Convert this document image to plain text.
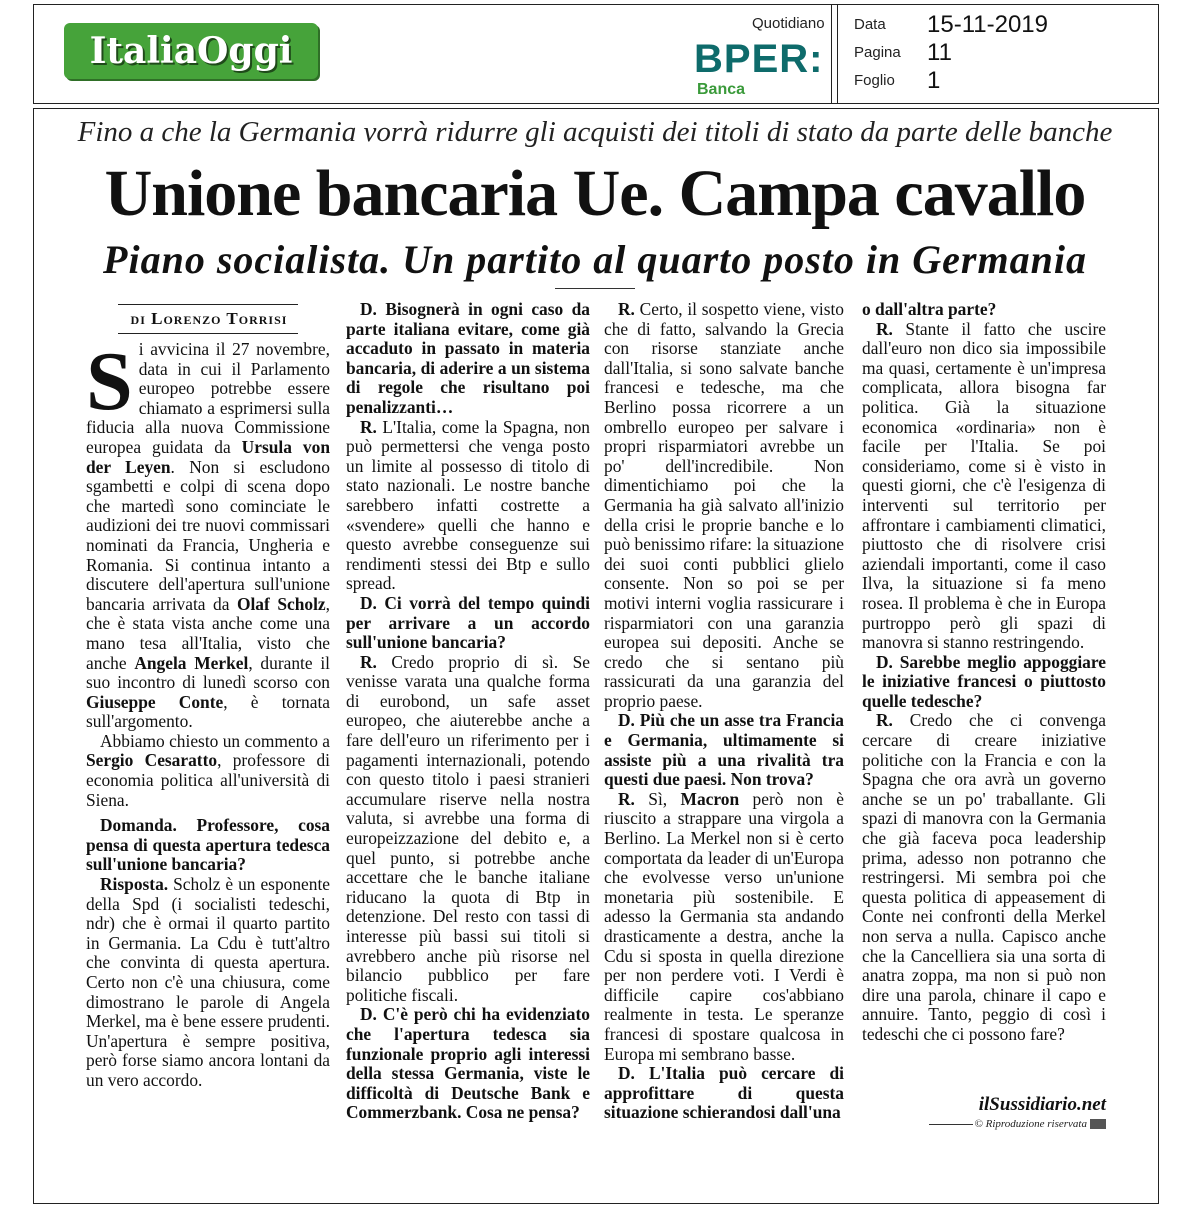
ItaliaOggi
Quotidiano
BPER:
Banca
Data 15-11-2019
Pagina 11
Foglio 1
Fino a che la Germania vorrà ridurre gli acquisti dei titoli di stato da parte delle banche
Unione bancaria Ue. Campa cavallo
Piano socialista. Un partito al quarto posto in Germania
di Lorenzo Torrisi

Si avvicina il 27 novembre, data in cui il Parlamento europeo potrebbe essere chiamato a esprimersi sulla fiducia alla nuova Commissione europea guidata da Ursula von der Leyen. Non si escludono sgambetti e colpi di scena dopo che martedì sono cominciate le audizioni dei tre nuovi commissari nominati da Francia, Ungheria e Romania. Si continua intanto a discutere dell'apertura sull'unione bancaria arrivata da Olaf Scholz, che è stata vista anche come una mano tesa all'Italia, visto che anche Angela Merkel, durante il suo incontro di lunedì scorso con Giuseppe Conte, è tornata sull'argomento.

Abbiamo chiesto un commento a Sergio Cesaratto, professore di economia politica all'università di Siena.

Domanda. Professore, cosa pensa di questa apertura tedesca sull'unione bancaria?

Risposta. Scholz è un esponente della Spd (i socialisti tedeschi, ndr) che è ormai il quarto partito in Germania. La Cdu è tutt'altro che convinta di questa apertura. Certo non c'è una chiusura, come dimostrano le parole di Angela Merkel, ma è bene essere prudenti. Un'apertura è sempre positiva, però forse siamo ancora lontani da un vero accordo.

D. Bisognerà in ogni caso da parte italiana evitare, come già accaduto in passato in materia bancaria, di aderire a un sistema di regole che risultano poi penalizzanti…

R. L'Italia, come la Spagna, non può permettersi che venga posto un limite al possesso di titolo di stato nazionali. Le nostre banche sarebbero infatti costrette a «svendere» quelli che hanno e questo avrebbe conseguenze sui rendimenti stessi dei Btp e sullo spread.

D. Ci vorrà del tempo quindi per arrivare a un accordo sull'unione bancaria?

R. Credo proprio di sì. Se venisse varata una qualche forma di eurobond, un safe asset europeo, che aiuterebbe anche a fare dell'euro un riferimento per i pagamenti internazionali, potendo con questo titolo i paesi stranieri accumulare riserve nella nostra valuta, si avrebbe una forma di europeizzazione del debito e, a quel punto, si potrebbe anche accettare che le banche italiane riducano la quota di Btp in detenzione. Del resto con tassi di interesse più bassi sui titoli si avrebbero anche più risorse nel bilancio pubblico per fare politiche fiscali.

D. C'è però chi ha evidenziato che l'apertura tedesca sia funzionale proprio agli interessi della stessa Germania, viste le difficoltà di Deutsche Bank e Commerzbank. Cosa ne pensa?

R. Certo, il sospetto viene, visto che di fatto, salvando la Grecia con risorse stanziate anche dall'Italia, si sono salvate banche francesi e tedesche, ma che Berlino possa ricorrere a un ombrello europeo per salvare i propri risparmiatori avrebbe un po' dell'incredibile. Non dimentichiamo poi che la Germania ha già salvato all'inizio della crisi le proprie banche e lo può benissimo rifare: la situazione dei suoi conti pubblici glielo consente. Non so poi se per motivi interni voglia rassicurare i risparmiatori con una garanzia europea sui depositi. Anche se credo che si sentano più rassicurati da una garanzia del proprio paese.

D. Più che un asse tra Francia e Germania, ultimamente si assiste più a una rivalità tra questi due paesi. Non trova?

R. Sì, Macron però non è riuscito a strappare una virgola a Berlino. La Merkel non si è certo comportata da leader di un'Europa che evolvesse verso un'unione monetaria più sostenibile. E adesso la Germania sta andando drasticamente a destra, anche la Cdu si sposta in quella direzione per non perdere voti. I Verdi è difficile capire cos'abbiano realmente in testa. Le speranze francesi di spostare qualcosa in Europa mi sembrano basse.

D. L'Italia può cercare di approfittare di questa situazione schierandosi dall'una

o dall'altra parte?

R. Stante il fatto che uscire dall'euro non dico sia impossibile ma quasi, certamente è un'impresa complicata, allora bisogna far politica. Già la situazione economica «ordinaria» non è facile per l'Italia. Se poi consideriamo, come si è visto in questi giorni, che c'è l'esigenza di interventi sul territorio per affrontare i cambiamenti climatici, piuttosto che di risolvere crisi aziendali importanti, come il caso Ilva, la situazione si fa meno rosea. Il problema è che in Europa purtroppo però gli spazi di manovra si stanno restringendo.

D. Sarebbe meglio appoggiare le iniziative francesi o piuttosto quelle tedesche?

R. Credo che ci convenga cercare di creare iniziative politiche con la Francia e con la Spagna che ora avrà un governo anche se un po' traballante. Gli spazi di manovra con la Germania che già faceva poca leadership prima, adesso non potranno che restringersi. Mi sembra poi che questa politica di appeasement di Conte nei confronti della Merkel non serva a nulla. Capisco anche che la Cancelliera sia una sorta di anatra zoppa, ma non si può non dire una parola, chinare il capo e annuire. Tanto, peggio di così i tedeschi che ci possono fare?

ilSussidiario.net
© Riproduzione riservata
